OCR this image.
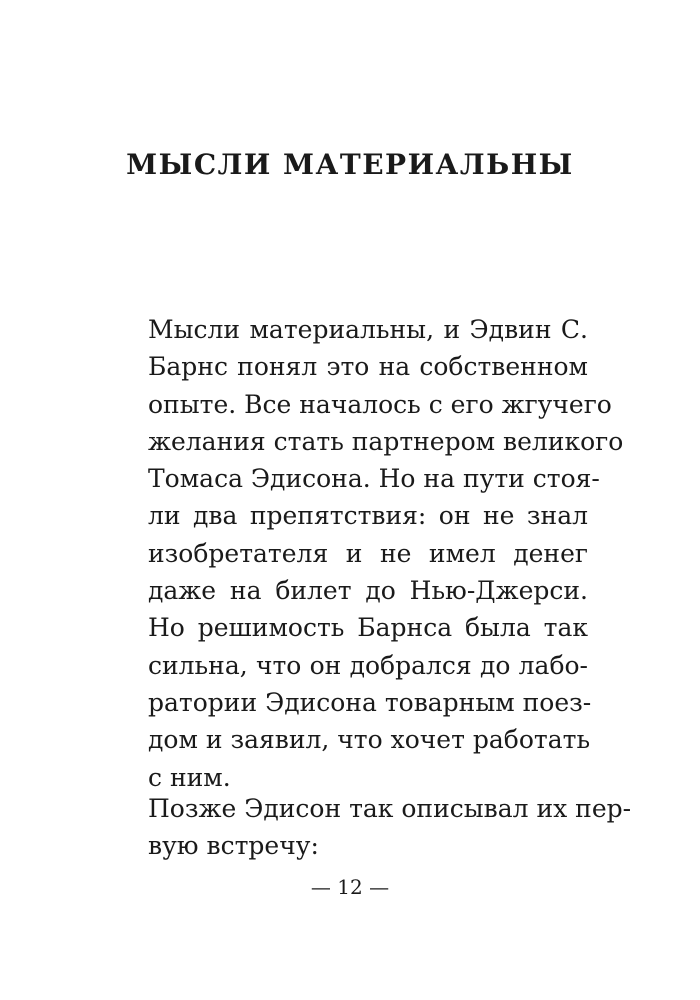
МЫСЛИ МАТЕРИАЛЬНЫ
Мысли материальны, и Эдвин С.
Барнс понял это на собственном
опыте. Все началось с его жгучего
желания стать партнером великого
Томаса Эдисона. Но на пути стоя-
ли два препятствия: он не знал
изобретателя и не имел денег
даже на билет до Нью-Джерси.
Но решимость Барнса была так
сильна, что он добрался до лабо-
ратории Эдисона товарным поез-
дом и заявил, что хочет работать
с ним.
Позже Эдисон так описывал их пер-
вую встречу:

— 12 —
